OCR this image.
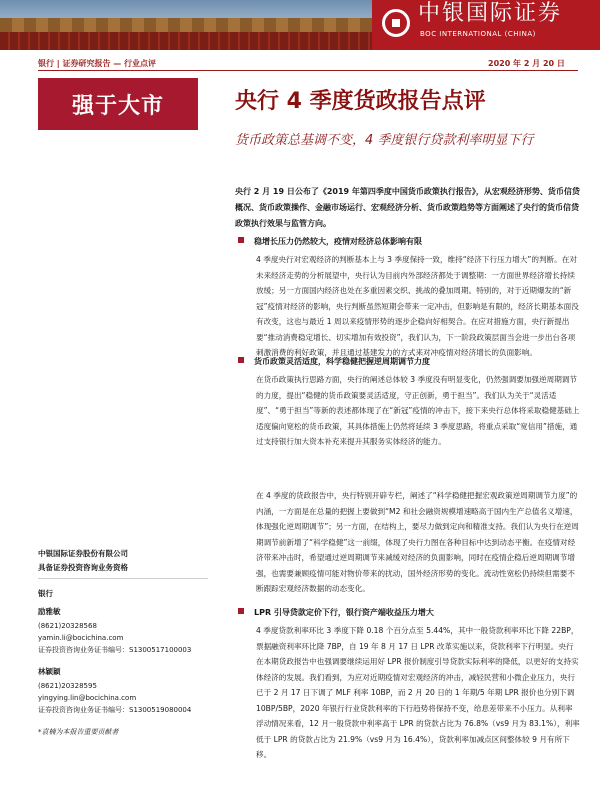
中银国际证券
BOC INTERNATIONAL (CHINA)
银行 | 证券研究报告 — 行业点评	2020 年 2 月 20 日
强于大市	央行 4 季度货政报告点评

货币政策总基调不变，4 季度银行贷款利率明显下行

央行 2 月 19 日公布了《2019 年第四季度中国货币政策执行报告》，从宏观经济形势、货币信贷概况、货币政策操作、金融市场运行、宏观经济分析、货币政策趋势等方面阐述了央行的货币信贷政策执行效果与监管方向。

稳增长压力仍然较大，疫情对经济总体影响有限

4 季度央行对宏观经济的判断基本上与 3 季度保持一致，维持“经济下行压力增大”的判断。在对未来经济走势的分析展望中，央行认为目前内外部经济都处于调整期：一方面世界经济增长持续放缓；另一方面国内经济也处在多重因素交织、挑战的叠加周期。特别的，对于近期爆发的“新冠”疫情对经济的影响，央行判断虽然短期会带来一定冲击，但影响是有限的，经济长期基本面没有改变，这也与最近 1 周以来疫情形势的逐步企稳向好相契合。在应对措施方面，央行新提出要“推动消费稳定增长、切实增加有效投资”，我们认为，下一阶段政策层面当会进一步出台各项刺激消费的利好政策，并且通过基建发力的方式来对冲疫情对经济增长的负面影响。

货币政策灵活适度，科学稳健把握逆周期调节力度

在货币政策执行思路方面，央行的阐述总体较 3 季度没有明显变化，仍然强调要加强逆周期调节的力度，提出“稳健的货币政策要灵活适度，守正创新，勇于担当”。我们认为关于“灵活适度”、“勇于担当”等新的表述都体现了在“新冠”疫情的冲击下，接下来央行总体将采取稳健基础上适度偏向宽松的货币政策，其具体措施上仍然将延续 3 季度思路，将重点采取“宽信用”措施，通过支持银行加大资本补充来提升其服务实体经济的能力。

在 4 季度的货政报告中，央行特别开辟专栏，阐述了“科学稳健把握宏观政策逆周期调节力度”的内涵，一方面是在总量的把握上要做到“M2 和社会融资规模增速略高于国内生产总值名义增速，体现强化逆周期调节”；另一方面，在结构上，要尽力做到定向和精准支持。我们认为央行在逆周期调节前新增了“科学稳健”这一前缀，体现了央行力图在各种目标中达到动态平衡。在疫情对经济带来冲击时，希望通过逆周期调节来减缓对经济的负面影响，同时在疫情企稳后逆周期调节增强，也需要兼顾疫情可能对物价带来的扰动，国外经济形势的变化。流动性宽松仍持续但需要不断跟踪宏观经济数据的动态变化。

LPR 引导贷款定价下行，银行资产端收益压力增大

4 季度贷款利率环比 3 季度下降 0.18 个百分点至 5.44%，其中一般贷款利率环比下降 22BP，票据融资利率环比降 7BP，自 19 年 8 月 17 日 LPR 改革实施以来，贷款利率下行明显。央行在本期货政报告中也强调要继续运用好 LPR 报价制度引导贷款实际利率的降低，以更好的支持实体经济的发展。我们看到，为应对近期疫情对宏观经济的冲击，减轻民营和小微企业压力，央行已于 2 月 17 日下调了 MLF 利率 10BP，而 2 月 20 日的 1 年期/5 年期 LPR 报价也分别下调 10BP/5BP，2020 年银行行业贷款利率的下行趋势将保持不变，给息差带来不小压力。从利率浮动情况来看，12 月一般贷款中利率高于 LPR 的贷款占比为 76.8%（vs9 月为 83.1%），利率低于 LPR 的贷款占比为 21.9%（vs9 月为 16.4%），贷款利率加减点区间整体较 9 月有所下移。

中银国际证券股份有限公司
具备证券投资咨询业务资格
银行
励雅敏
(8621)20328568
yamin.li@bocichina.com
证券投资咨询业务证书编号：S1300517100003
林颖颖
(8621)20328595
yingying.lin@bocichina.com
证券投资咨询业务证书编号：S1300519080004
*袁楠为本报告重要贡献者
